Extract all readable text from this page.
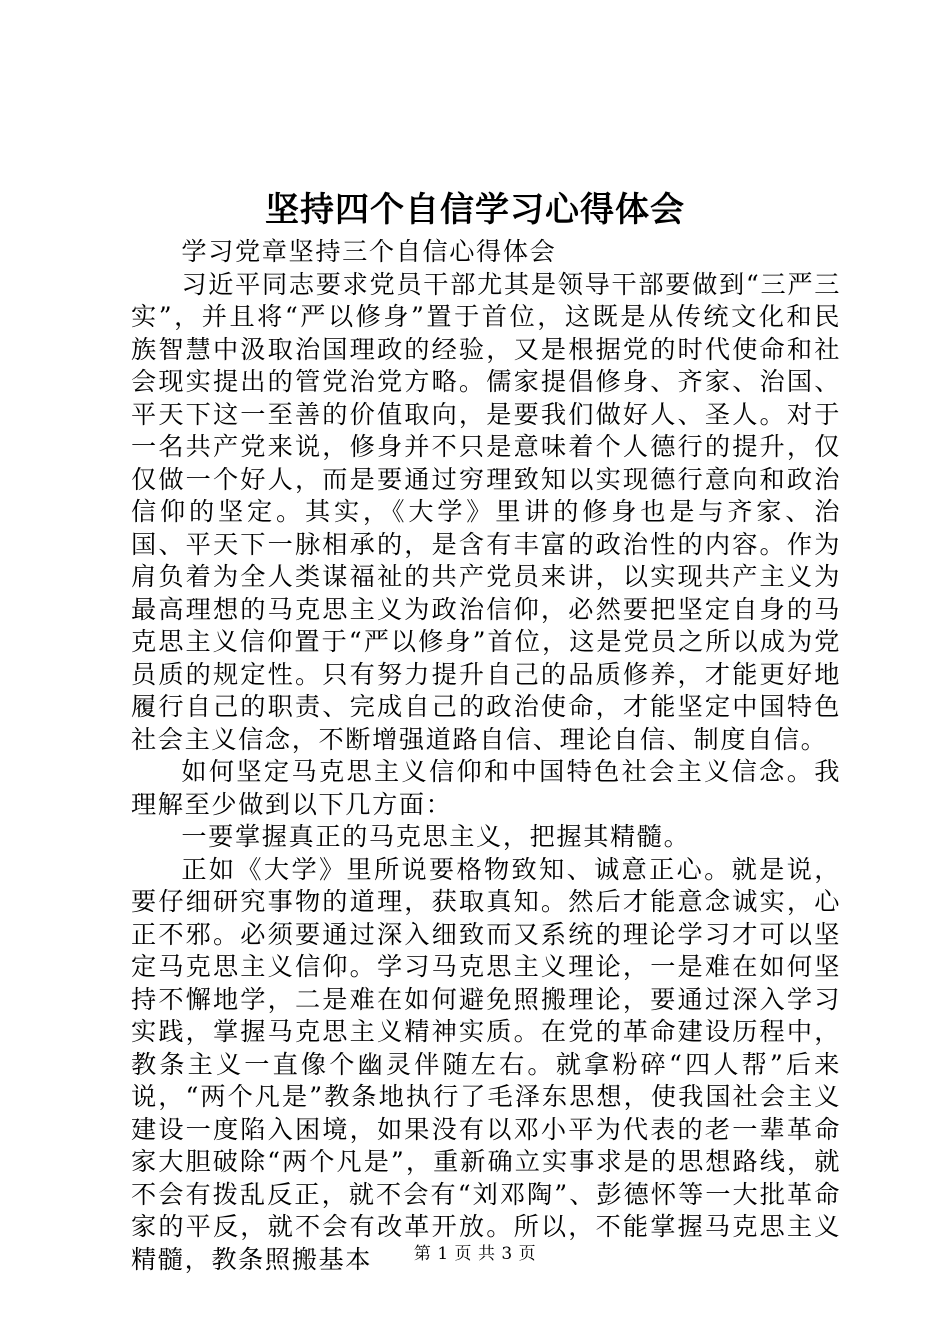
坚持四个自信学习心得体会

学习党章坚持三个自信心得体会

习近平同志要求党员干部尤其是领导干部要做到“三严三实”，并且将“严以修身”置于首位，这既是从传统文化和民族智慧中汲取治国理政的经验，又是根据党的时代使命和社会现实提出的管党治党方略。儒家提倡修身、齐家、治国、平天下这一至善的价值取向，是要我们做好人、圣人。对于一名共产党来说，修身并不只是意味着个人德行的提升，仅仅做一个好人，而是要通过穷理致知以实现德行意向和政治信仰的坚定。其实，《大学》里讲的修身也是与齐家、治国、平天下一脉相承的，是含有丰富的政治性的内容。作为肩负着为全人类谋福祉的共产党员来讲，以实现共产主义为最高理想的马克思主义为政治信仰，必然要把坚定自身的马克思主义信仰置于“严以修身”首位，这是党员之所以成为党员质的规定性。只有努力提升自己的品质修养，才能更好地履行自己的职责、完成自己的政治使命，才能坚定中国特色社会主义信念，不断增强道路自信、理论自信、制度自信。

如何坚定马克思主义信仰和中国特色社会主义信念。我理解至少做到以下几方面：

一要掌握真正的马克思主义，把握其精髓。

正如《大学》里所说要格物致知、诚意正心。就是说，要仔细研究事物的道理，获取真知。然后才能意念诚实，心正不邪。必须要通过深入细致而又系统的理论学习才可以坚定马克思主义信仰。学习马克思主义理论，一是难在如何坚持不懈地学，二是难在如何避免照搬理论，要通过深入学习实践，掌握马克思主义精神实质。在党的革命建设历程中，教条主义一直像个幽灵伴随左右。就拿粉碎“四人帮”后来说，“两个凡是”教条地执行了毛泽东思想，使我国社会主义建设一度陷入困境，如果没有以邓小平为代表的老一辈革命家大胆破除“两个凡是”，重新确立实事求是的思想路线，就不会有拨乱反正，就不会有“刘邓陶”、彭德怀等一大批革命家的平反，就不会有改革开放。所以，不能掌握马克思主义精髓，教条照搬基本	第 1 页 共 3 页
